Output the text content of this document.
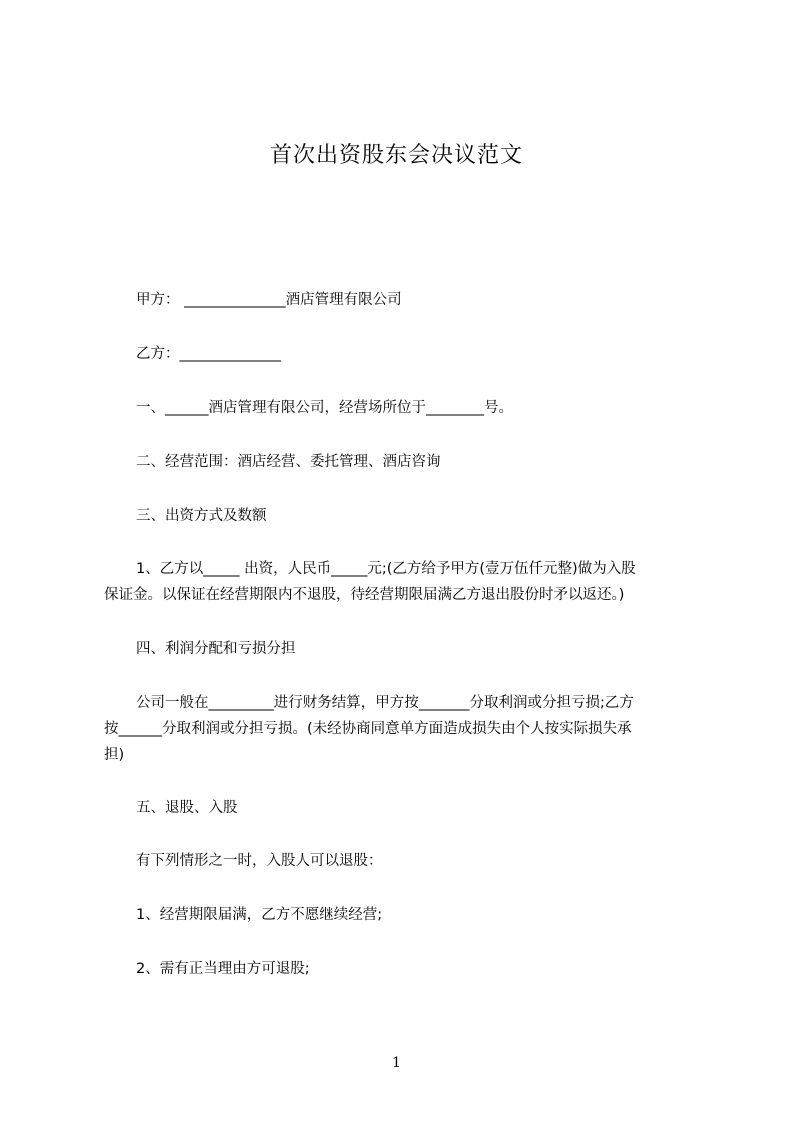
首次出资股东会决议范文
甲方： ______________酒店管理有限公司
乙方：______________
一、______酒店管理有限公司，经营场所位于________号。
二、经营范围：酒店经营、委托管理、酒店咨询
三、出资方式及数额
1、乙方以_____ 出资，人民币_____元;(乙方给予甲方(壹万伍仟元整)做为入股
保证金。以保证在经营期限内不退股，待经营期限届满乙方退出股份时矛以返还。)
四、利润分配和亏损分担
公司一般在_________进行财务结算，甲方按_______分取利润或分担亏损;乙方
按______分取利润或分担亏损。(未经协商同意单方面造成损失由个人按实际损失承
担)
五、退股、入股
有下列情形之一时，入股人可以退股：
1、经营期限届满，乙方不愿继续经营;
2、需有正当理由方可退股;
1
